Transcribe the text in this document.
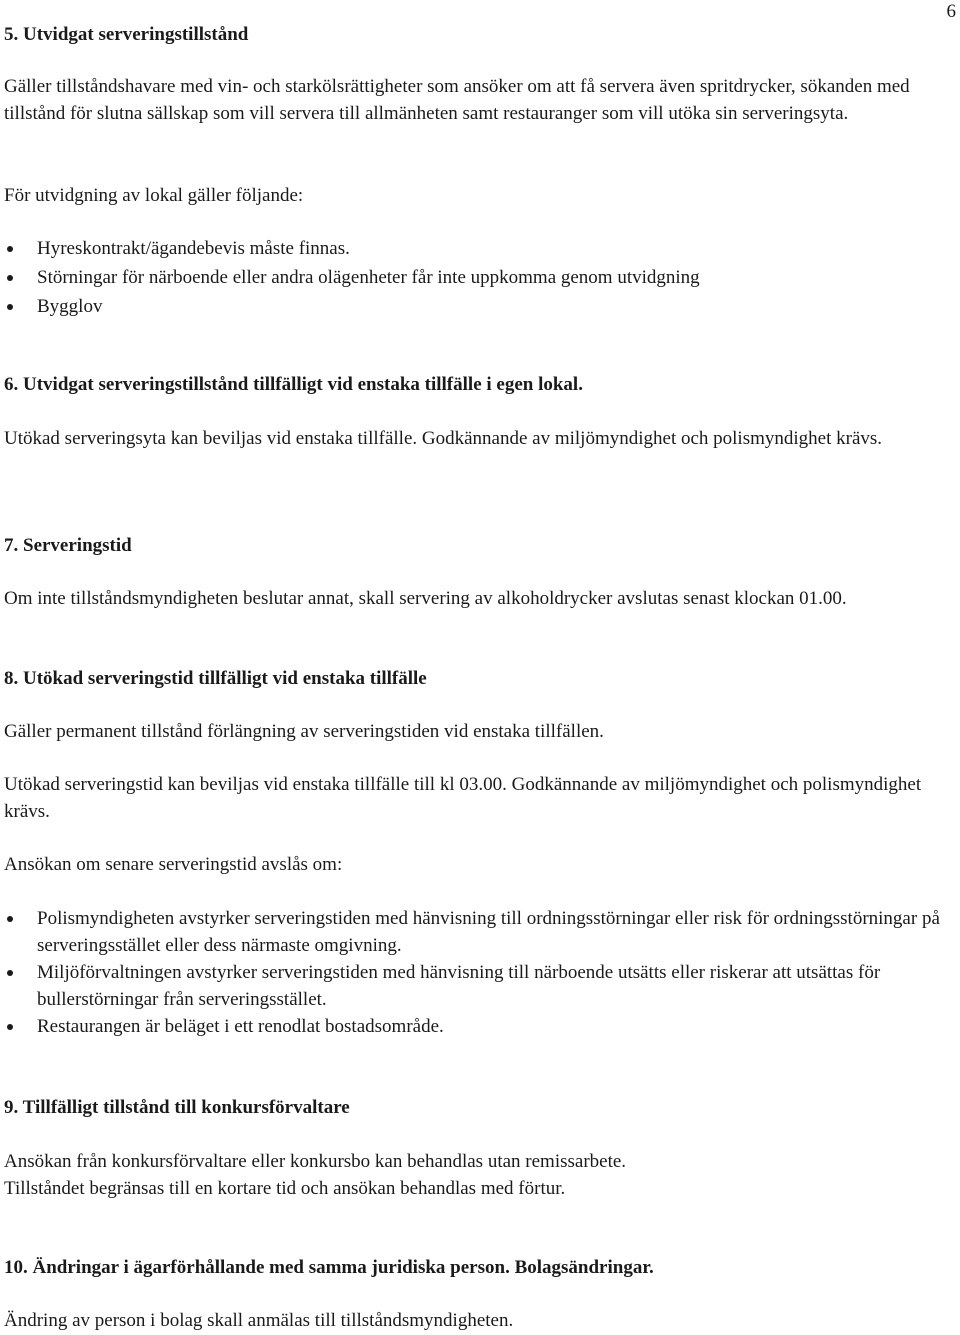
6
5. Utvidgat serveringstillstånd

Gäller tillståndshavare med vin- och starkölsrättigheter som ansöker om att få servera även spritdrycker, sökanden med tillstånd för slutna sällskap som vill servera till allmänheten samt restauranger som vill utöka sin serveringsyta.

För utvidgning av lokal gäller följande:

Hyreskontrakt/ägandebevis måste finnas.
Störningar för närboende eller andra olägenheter får inte uppkomma genom utvidgning
Bygglov
6. Utvidgat serveringstillstånd tillfälligt vid enstaka tillfälle i egen lokal.

Utökad serveringsyta kan beviljas vid enstaka tillfälle. Godkännande av miljömyndighet och polismyndighet krävs.

7. Serveringstid

Om inte tillståndsmyndigheten beslutar annat, skall servering av alkoholdrycker avslutas senast klockan 01.00.

8. Utökad serveringstid tillfälligt vid enstaka tillfälle

Gäller permanent tillstånd förlängning av serveringstiden vid enstaka tillfällen.

Utökad serveringstid kan beviljas vid enstaka tillfälle till kl 03.00. Godkännande av miljömyndighet och polismyndighet krävs.

Ansökan om senare serveringstid avslås om:

Polismyndigheten avstyrker serveringstiden med hänvisning till ordningsstörningar eller risk för ordningsstörningar på serveringsstället eller dess närmaste omgivning.
Miljöförvaltningen avstyrker serveringstiden med hänvisning till närboende utsätts eller riskerar att utsättas för bullerstörningar från serveringsstället.
Restaurangen är beläget i ett renodlat bostadsområde.
9. Tillfälligt tillstånd till konkursförvaltare

Ansökan från konkursförvaltare eller konkursbo kan behandlas utan remissarbete.

Tillståndet begränsas till en kortare tid och ansökan behandlas med förtur.

10. Ändringar i ägarförhållande med samma juridiska person. Bolagsändringar.

Ändring av person i bolag skall anmälas till tillståndsmyndigheten.
